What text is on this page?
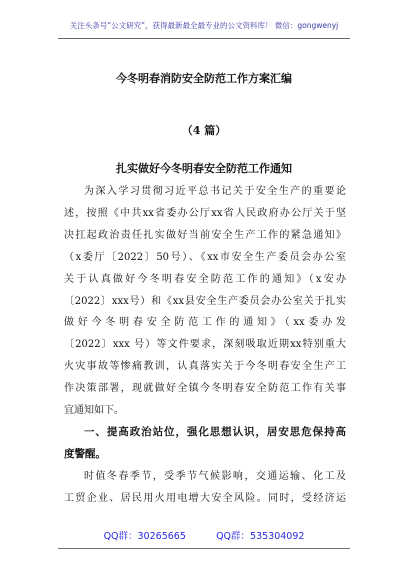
关注头条号“公文研究”，获得最新最全最专业的公文资料库！ 微信：gongwenyj
今冬明春消防安全防范工作方案汇编
（4 篇）
扎实做好今冬明春安全防范工作通知

为深入学习贯彻习近平总书记关于安全生产的重要论
述，按照《中共xx省委办公厅xx省人民政府办公厅关于坚
决扛起政治责任扎实做好当前安全生产工作的紧急通知》
（x委厅〔2022〕50号）、《xx市安全生产委员会办公室
关于认真做好今冬明春安全防范工作的通知》（x安办
〔2022〕xxx号）和《xx县安全生产委员会办公室关于扎实
做好今冬明春安全防范工作的通知》（xx委办发
〔2022〕xxx 号）等文件要求，深刻吸取近期xx特别重大
火灾事故等惨痛教训，认真落实关于今冬明春安全生产工
作决策部署，现就做好全镇今冬明春安全防范工作有关事
宜通知如下。

一、提高政治站位，强化思想认识，居安思危保持高
度警醒。

时值冬春季节，受季节气候影响，交通运输、化工及
工贸企业、居民用火用电增大安全风险。同时，受经济运

QQ群：30265665          QQ群：535304092
